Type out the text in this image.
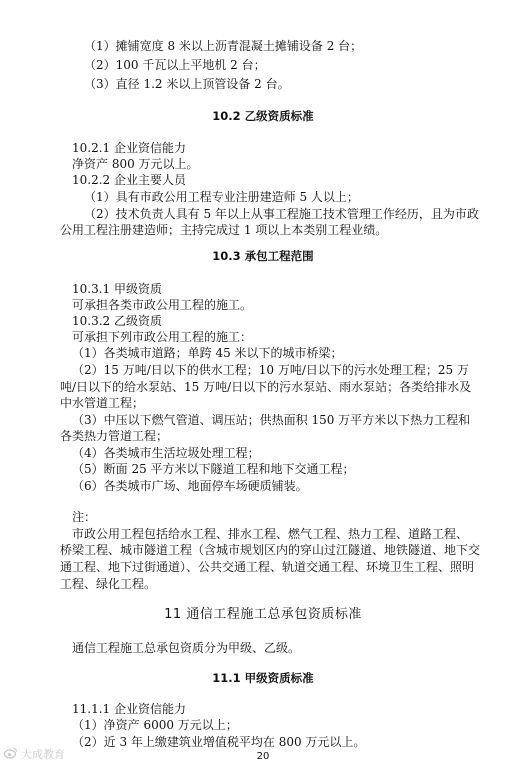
（1）摊铺宽度 8 米以上沥青混凝土摊铺设备 2 台；
（2）100 千瓦以上平地机 2 台；
（3）直径 1.2 米以上顶管设备 2 台。
10.2 乙级资质标准
10.2.1 企业资信能力
净资产 800 万元以上。
10.2.2 企业主要人员
（1）具有市政公用工程专业注册建造师 5 人以上；
（2）技术负责人具有 5 年以上从事工程施工技术管理工作经历，且为市政
公用工程注册建造师；主持完成过 1 项以上本类别工程业绩。
10.3 承包工程范围
10.3.1 甲级资质
可承担各类市政公用工程的施工。
10.3.2 乙级资质
可承担下列市政公用工程的施工：
（1）各类城市道路；单跨 45 米以下的城市桥梁；
（2）15 万吨/日以下的供水工程；10 万吨/日以下的污水处理工程；25 万
吨/日以下的给水泵站、15 万吨/日以下的污水泵站、雨水泵站；各类给排水及
中水管道工程；
（3）中压以下燃气管道、调压站；供热面积 150 万平方米以下热力工程和
各类热力管道工程；
（4）各类城市生活垃圾处理工程；
（5）断面 25 平方米以下隧道工程和地下交通工程；
（6）各类城市广场、地面停车场硬质铺装。
注：
市政公用工程包括给水工程、排水工程、燃气工程、热力工程、道路工程、
桥梁工程、城市隧道工程（含城市规划区内的穿山过江隧道、地铁隧道、地下交
通工程、地下过街通道）、公共交通工程、轨道交通工程、环境卫生工程、照明
工程、绿化工程。
11 通信工程施工总承包资质标准
通信工程施工总承包资质分为甲级、乙级。
11.1 甲级资质标准
11.1.1 企业资信能力
（1）净资产 6000 万元以上；
（2）近 3 年上缴建筑业增值税平均在 800 万元以上。
大成教育	20
